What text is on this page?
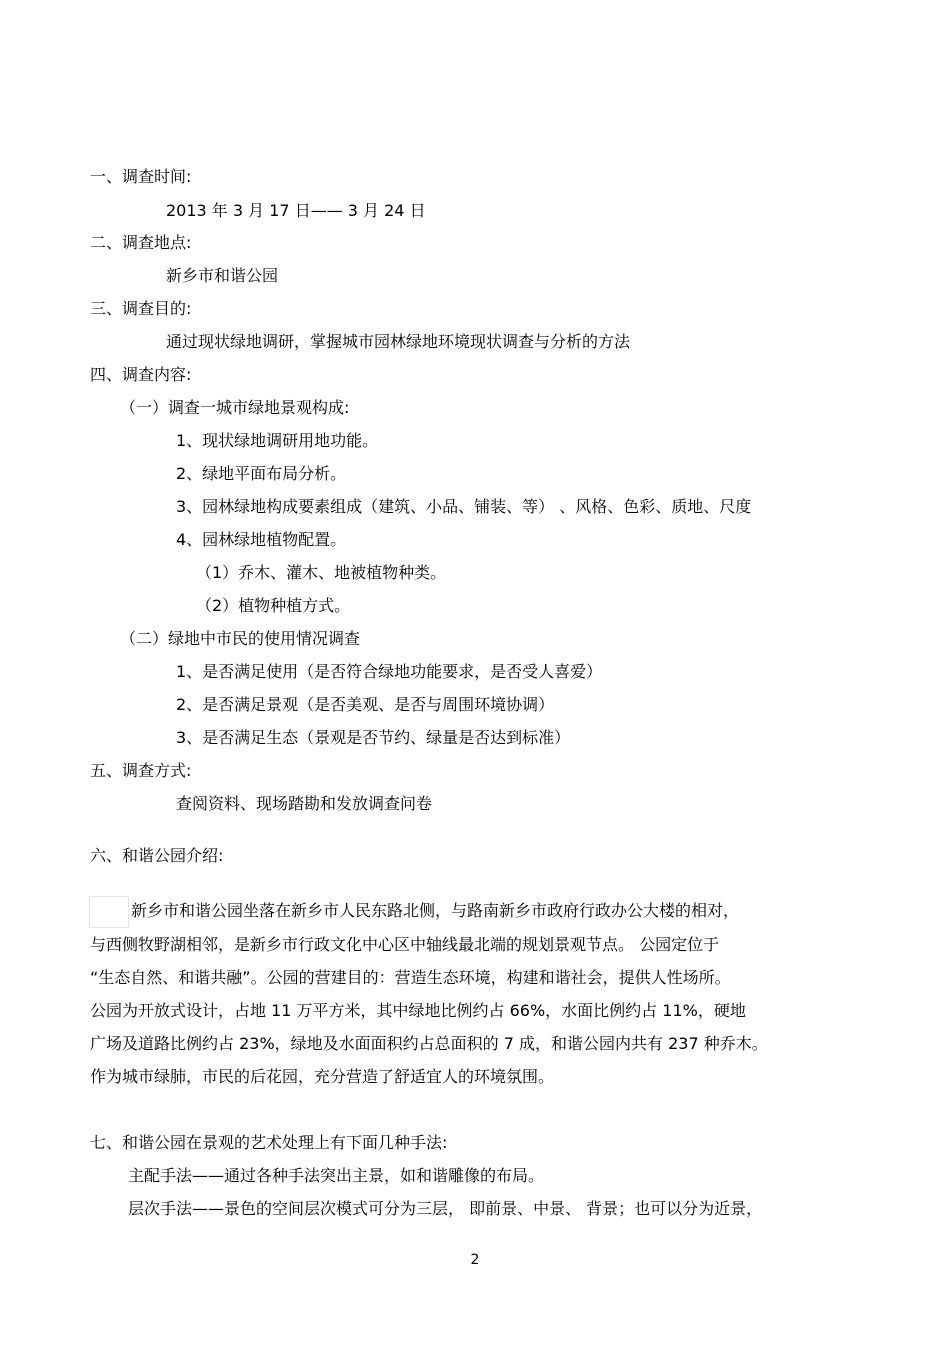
一、调查时间:
2013 年 3 月 17 日—— 3 月 24 日
二、调查地点:
新乡市和谐公园
三、调查目的:
通过现状绿地调研，掌握城市园林绿地环境现状调查与分析的方法
四、调查内容:
（一）调查一城市绿地景观构成:
1、现状绿地调研用地功能。
2、绿地平面布局分析。
3、园林绿地构成要素组成（建筑、小品、铺装、等） 、风格、色彩、质地、尺度
4、园林绿地植物配置。
（1）乔木、灌木、地被植物种类。
（2）植物种植方式。
（二）绿地中市民的使用情况调查
1、是否满足使用（是否符合绿地功能要求，是否受人喜爱）
2、是否满足景观（是否美观、是否与周围环境协调）
3、是否满足生态（景观是否节约、绿量是否达到标准）
五、调查方式:
查阅资料、现场踏勘和发放调查问卷
六、和谐公园介绍:
新乡市和谐公园坐落在新乡市人民东路北侧，与路南新乡市政府行政办公大楼的相对，
与西侧牧野湖相邻，是新乡市行政文化中心区中轴线最北端的规划景观节点。 公园定位于
“生态自然、和谐共融”。公园的营建目的：营造生态环境，构建和谐社会，提供人性场所。
公园为开放式设计，占地 11 万平方米，其中绿地比例约占 66%，水面比例约占 11%，硬地
广场及道路比例约占 23%，绿地及水面面积约占总面积的 7 成，和谐公园内共有 237 种乔木。
作为城市绿肺，市民的后花园，充分营造了舒适宜人的环境氛围。
七、和谐公园在景观的艺术处理上有下面几种手法:
主配手法——通过各种手法突出主景，如和谐雕像的布局。
层次手法——景色的空间层次模式可分为三层， 即前景、中景、 背景；也可以分为近景，
2
